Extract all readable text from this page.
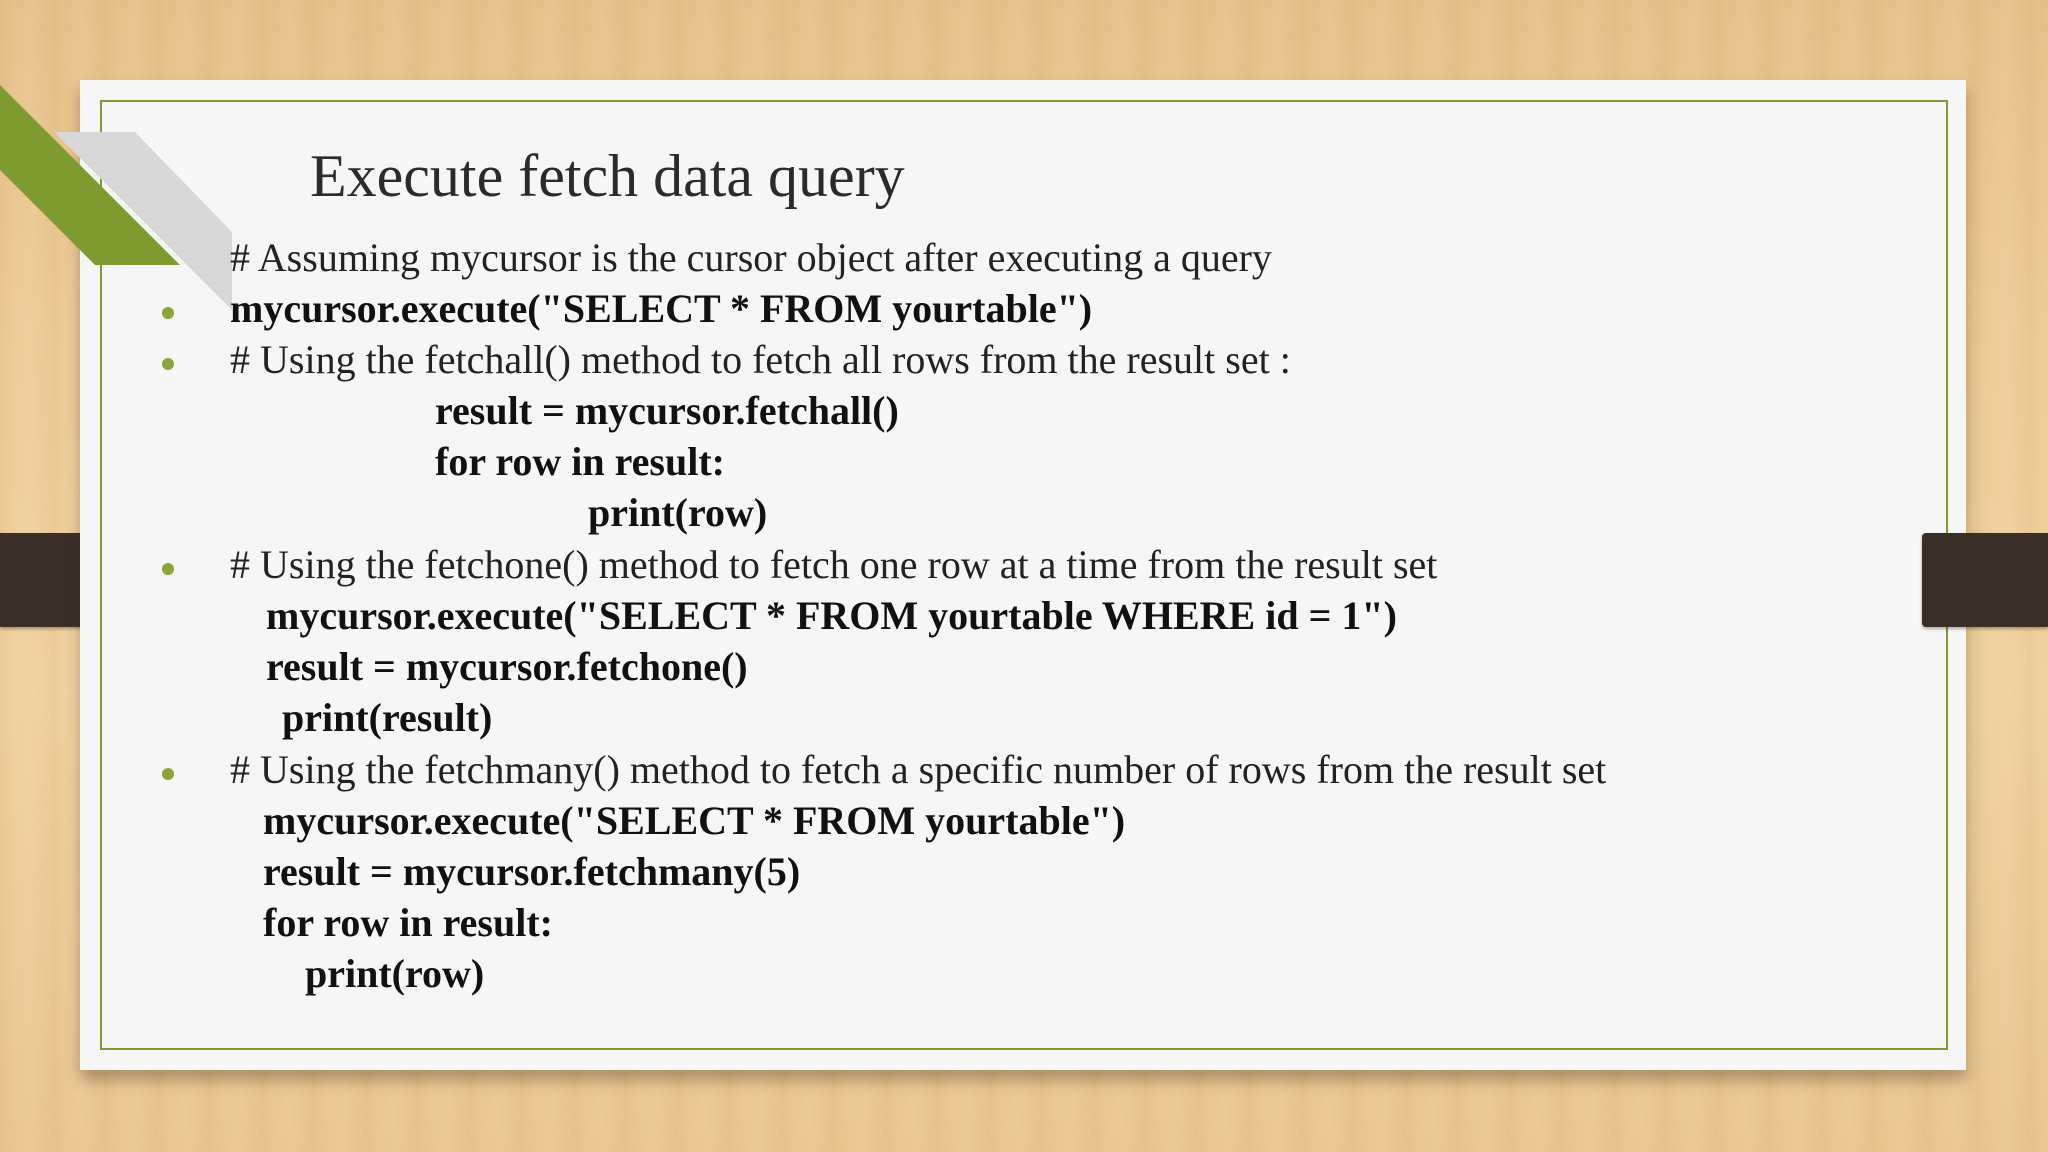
Execute fetch data query
# Assuming mycursor is the cursor object after executing a query
mycursor.execute("SELECT * FROM yourtable")
# Using the fetchall() method to fetch all rows from the result set :
result = mycursor.fetchall()
for row in result:
print(row)
# Using the fetchone() method to fetch one row at a time from the result set
mycursor.execute("SELECT * FROM yourtable WHERE id = 1")
result = mycursor.fetchone()
print(result)
# Using the fetchmany() method to fetch a specific number of rows from the result set
mycursor.execute("SELECT * FROM yourtable")
result = mycursor.fetchmany(5)
for row in result:
print(row)
